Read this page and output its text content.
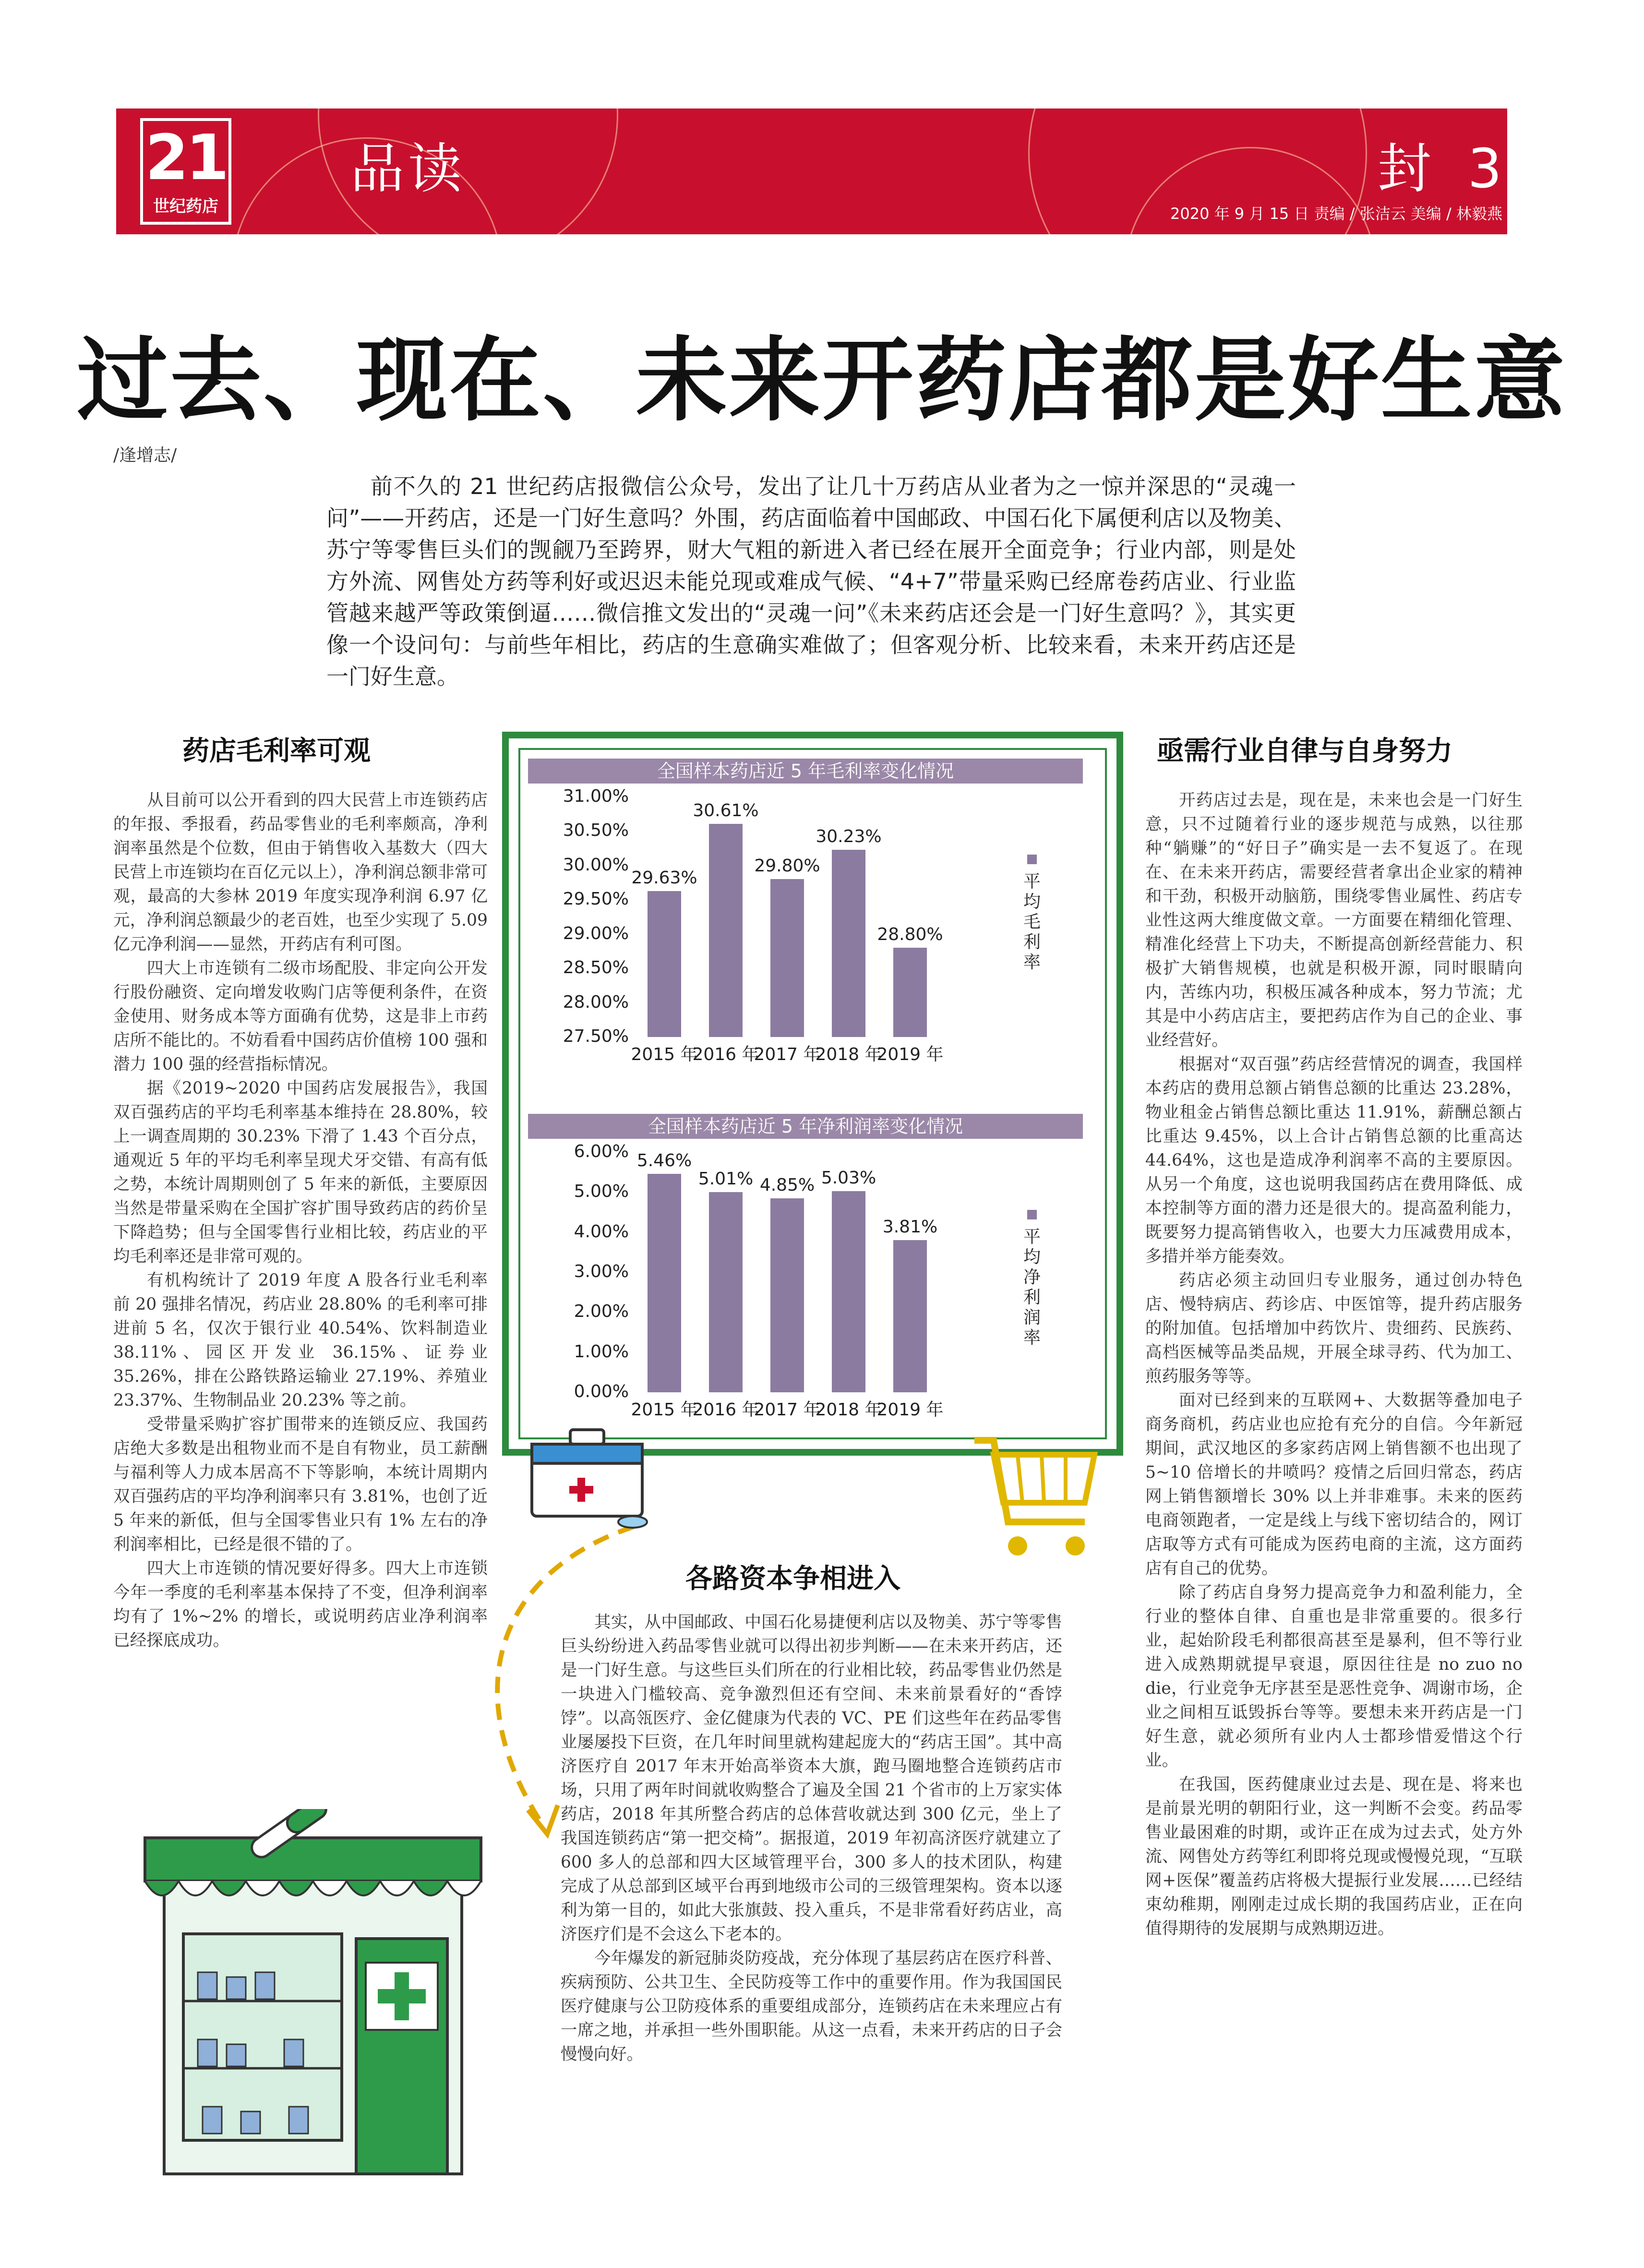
21
世纪药店
品读	封 3
2020 年 9 月 15 日 责编 / 张洁云 美编 / 林毅燕
过去、现在、未来开药店都是好生意
/逢增志/
前不久的 21 世纪药店报微信公众号，发出了让几十万药店从业者为之一惊并深思的“灵魂一问”——开药店，还是一门好生意吗？外围，药店面临着中国邮政、中国石化下属便利店以及物美、苏宁等零售巨头们的觊觎乃至跨界，财大气粗的新进入者已经在展开全面竞争；行业内部，则是处方外流、网售处方药等利好或迟迟未能兑现或难成气候、“4+7”带量采购已经席卷药店业、行业监管越来越严等政策倒逼……微信推文发出的“灵魂一问”《未来药店还会是一门好生意吗？》，其实更像一个设问句：与前些年相比，药店的生意确实难做了；但客观分析、比较来看，未来开药店还是一门好生意。
药店毛利率可观
各路资本争相进入
亟需行业自律与自身努力

从目前可以公开看到的四大民营上市连锁药店的年报、季报看，药品零售业的毛利率颇高，净利润率虽然是个位数，但由于销售收入基数大（四大民营上市连锁均在百亿元以上），净利润总额非常可观，最高的大参林 2019 年度实现净利润 6.97 亿元，净利润总额最少的老百姓，也至少实现了 5.09 亿元净利润——显然，开药店有利可图。

四大上市连锁有二级市场配股、非定向公开发行股份融资、定向增发收购门店等便利条件，在资金使用、财务成本等方面确有优势，这是非上市药店所不能比的。不妨看看中国药店价值榜 100 强和潜力 100 强的经营指标情况。

据《2019~2020 中国药店发展报告》，我国双百强药店的平均毛利率基本维持在 28.80%，较上一调查周期的 30.23% 下滑了 1.43 个百分点，通观近 5 年的平均毛利率呈现犬牙交错、有高有低之势，本统计周期则创了 5 年来的新低，主要原因当然是带量采购在全国扩容扩围导致药店的药价呈下降趋势；但与全国零售行业相比较，药店业的平均毛利率还是非常可观的。

有机构统计了 2019 年度 A 股各行业毛利率前 20 强排名情况，药店业 28.80% 的毛利率可排进前 5 名，仅次于银行业 40.54%、饮料制造业 38.11%、园区开发业 36.15%、证券业 35.26%，排在公路铁路运输业 27.19%、养殖业 23.37%、生物制品业 20.23% 等之前。

受带量采购扩容扩围带来的连锁反应、我国药店绝大多数是出租物业而不是自有物业，员工薪酬与福利等人力成本居高不下等影响，本统计周期内双百强药店的平均净利润率只有 3.81%，也创了近 5 年来的新低，但与全国零售业只有 1% 左右的净利润率相比，已经是很不错的了。

四大上市连锁的情况要好得多。四大上市连锁今年一季度的毛利率基本保持了不变，但净利润率均有了 1%~2% 的增长，或说明药店业净利润率已经探底成功。

开药店过去是，现在是，未来也会是一门好生意，只不过随着行业的逐步规范与成熟，以往那种“躺赚”的“好日子”确实是一去不复返了。在现在、在未来开药店，需要经营者拿出企业家的精神和干劲，积极开动脑筋，围绕零售业属性、药店专业性这两大维度做文章。一方面要在精细化管理、精准化经营上下功夫，不断提高创新经营能力、积极扩大销售规模，也就是积极开源，同时眼睛向内，苦练内功，积极压减各种成本，努力节流；尤其是中小药店店主，要把药店作为自己的企业、事业经营好。

根据对“双百强”药店经营情况的调查，我国样本药店的费用总额占销售总额的比重达 23.28%，物业租金占销售总额比重达 11.91%，薪酬总额占比重达 9.45%，以上合计占销售总额的比重高达 44.64%，这也是造成净利润率不高的主要原因。从另一个角度，这也说明我国药店在费用降低、成本控制等方面的潜力还是很大的。提高盈利能力，既要努力提高销售收入，也要大力压减费用成本，多措并举方能奏效。

药店必须主动回归专业服务，通过创办特色店、慢特病店、药诊店、中医馆等，提升药店服务的附加值。包括增加中药饮片、贵细药、民族药、高档医械等品类品规，开展全球寻药、代为加工、煎药服务等等。

面对已经到来的互联网+、大数据等叠加电子商务商机，药店业也应抢有充分的自信。今年新冠期间，武汉地区的多家药店网上销售额不也出现了 5~10 倍增长的井喷吗？疫情之后回归常态，药店网上销售额增长 30% 以上并非难事。未来的医药电商领跑者，一定是线上与线下密切结合的，网订店取等方式有可能成为医药电商的主流，这方面药店有自己的优势。

除了药店自身努力提高竞争力和盈利能力，全行业的整体自律、自重也是非常重要的。很多行业，起始阶段毛利都很高甚至是暴利，但不等行业进入成熟期就提早衰退，原因往往是 no zuo no die，行业竞争无序甚至是恶性竞争、凋谢市场，企业之间相互诋毁拆台等等。要想未来开药店是一门好生意，就必须所有业内人士都珍惜爱惜这个行业。

在我国，医药健康业过去是、现在是、将来也是前景光明的朝阳行业，这一判断不会变。药品零售业最困难的时期，或许正在成为过去式，处方外流、网售处方药等红利即将兑现或慢慢兑现，“互联网+医保”覆盖药店将极大提振行业发展……已经结束幼稚期，刚刚走过成长期的我国药店业，正在向值得期待的发展期与成熟期迈进。

其实，从中国邮政、中国石化易捷便利店以及物美、苏宁等零售巨头纷纷进入药品零售业就可以得出初步判断——在未来开药店，还是一门好生意。与这些巨头们所在的行业相比较，药品零售业仍然是一块进入门槛较高、竞争激烈但还有空间、未来前景看好的“香饽饽”。以高瓴医疗、金亿健康为代表的 VC、PE 们这些年在药品零售业屡屡投下巨资，在几年时间里就构建起庞大的“药店王国”。其中高济医疗自 2017 年末开始高举资本大旗，跑马圈地整合连锁药店市场，只用了两年时间就收购整合了遍及全国 21 个省市的上万家实体药店，2018 年其所整合药店的总体营收就达到 300 亿元，坐上了我国连锁药店“第一把交椅”。据报道，2019 年初高济医疗就建立了 600 多人的总部和四大区域管理平台，300 多人的技术团队，构建完成了从总部到区域平台再到地级市公司的三级管理架构。资本以逐利为第一目的，如此大张旗鼓、投入重兵，不是非常看好药店业，高济医疗们是不会这么下老本的。

今年爆发的新冠肺炎防疫战，充分体现了基层药店在医疗科普、疾病预防、公共卫生、全民防疫等工作中的重要作用。作为我国国民医疗健康与公卫防疫体系的重要组成部分，连锁药店在未来理应占有一席之地，并承担一些外围职能。从这一点看，未来开药店的日子会慢慢向好。

全国样本药店近 5 年毛利率变化情况
31.00%
30.50%
30.00%
29.50%
29.00%
28.50%
28.00%
27.50%
29.63%
2015 年
30.61%
2016 年
29.80%
2017 年
30.23%
2018 年
28.80%
2019 年
平均毛利率
全国样本药店近 5 年净利润率变化情况
6.00%
5.00%
4.00%
3.00%
2.00%
1.00%
0.00%
5.46%
2015 年
5.01%
2016 年
4.85%
2017 年
5.03%
2018 年
3.81%
2019 年
平均净利润率
